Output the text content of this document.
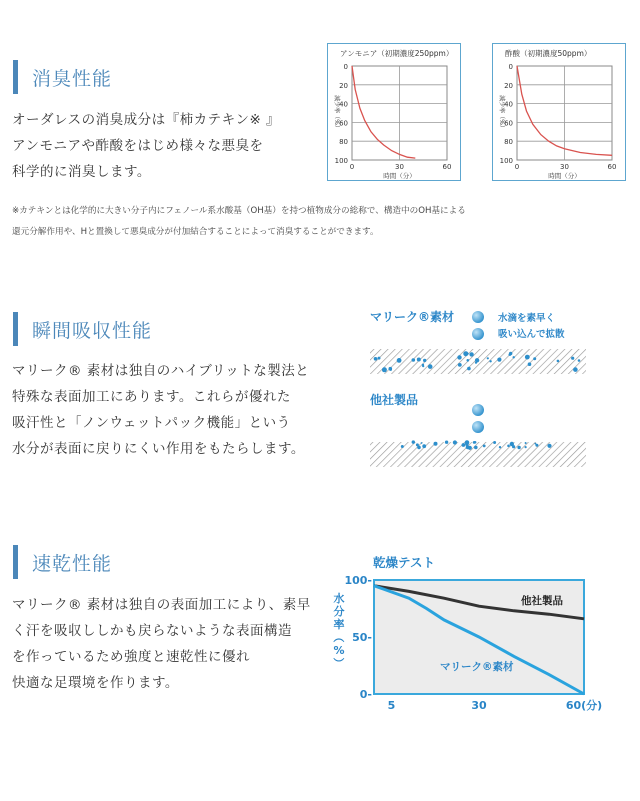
消臭性能
オーダレスの消臭成分は『柿カテキン※ 』
アンモニアや酢酸をはじめ様々な悪臭を
科学的に消臭します。
アンモニア（初期濃度250ppm）
0
20
40
60
80
100
0	30	60
時間（分）
減少率（%）
酢酸（初期濃度50ppm）
0
20
40
60
80
100
0	30	60
時間（分）
減少率（%）
※カテキンとは化学的に大きい分子内にフェノール系水酸基（OH基）を持つ植物成分の総称で、構造中のOH基による
還元分解作用や、Hと置換して悪臭成分が付加結合することによって消臭することができます。
瞬間吸収性能
マリーク® 素材は独自のハイブリットな製法と
特殊な表面加工にあります。これらが優れた
吸汗性と「ノンウェットパック機能」という
水分が表面に戻りにくい作用をもたらします。
マリーク®素材	水滴を素早く
吸い込んで拡散
他社製品
速乾性能
マリーク® 素材は独自の表面加工により、素早
く汗を吸収ししかも戻らないような表面構造
を作っているため強度と速乾性に優れ
快適な足環境を作ります。
乾燥テスト
100-
50-
0-
5	30	60(分)
水
分
率
（
%
）
他社製品
マリーク®素材
